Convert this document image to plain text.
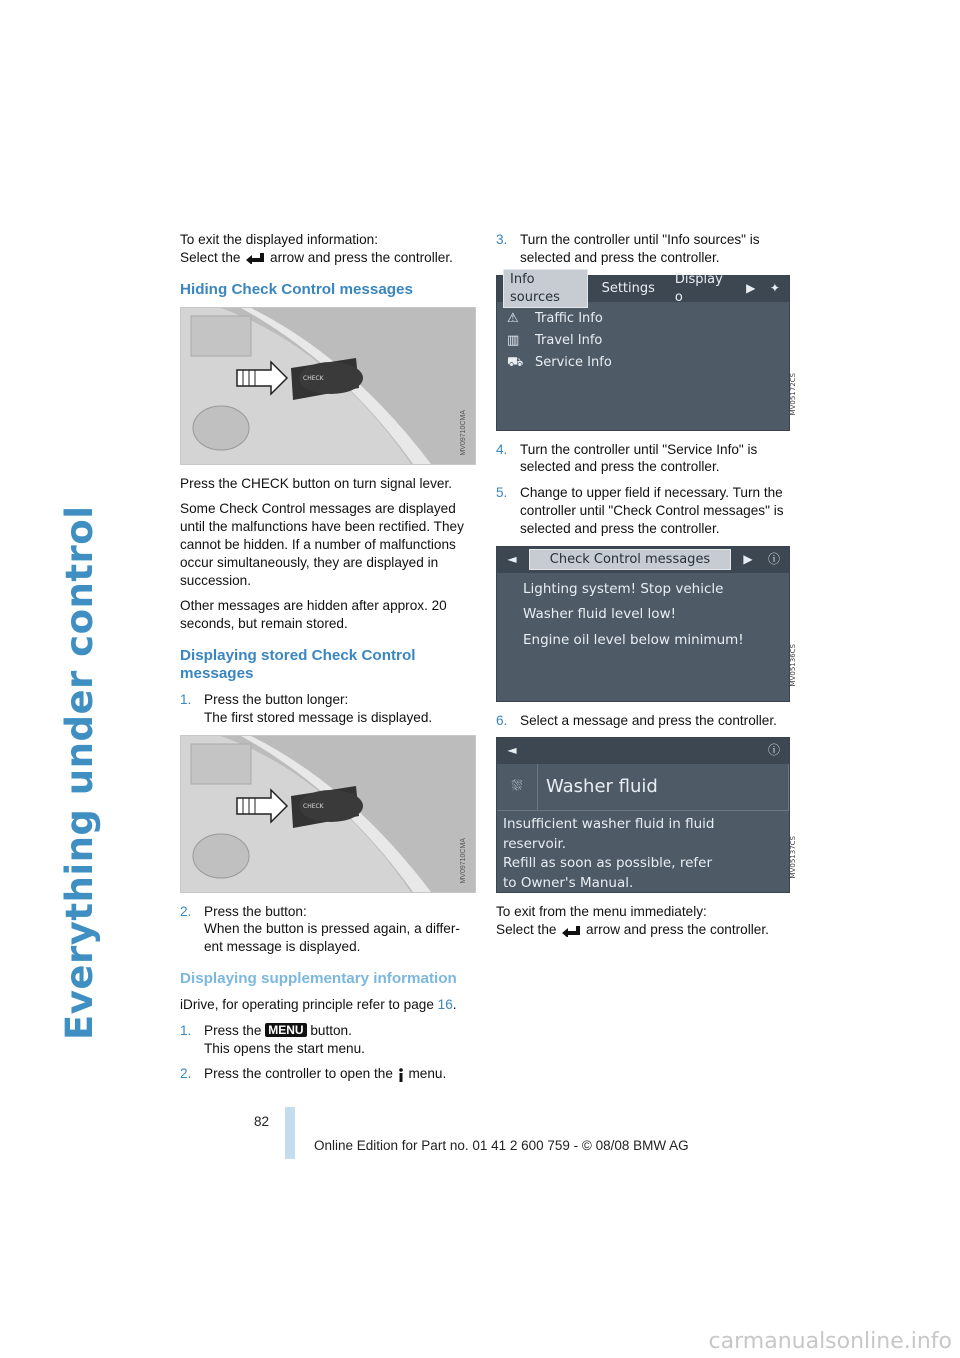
Everything under control

To exit the displayed information:
Select the arrow and press the controller.

Hiding Check Control messages
CHECK
MV09710CMA

Press the CHECK button on turn signal lever.

Some Check Control messages are displayed until the malfunctions have been rectified. They cannot be hidden. If a number of malfunctions occur simultaneously, they are displayed in succession.

Other messages are hidden after approx. 20 seconds, but remain stored.

Displaying stored Check Control messages
1. Press the button longer:
The first stored message is displayed.
CHECK
MV09710CMA
2. Press the button:
When the button is pressed again, a differ-ent message is displayed.
Displaying supplementary information

iDrive, for operating principle refer to page 16.

1. Press the MENU button.
This opens the start menu.
2. Press the controller to open the menu.
3. Turn the controller until "Info sources" is selected and press the controller.
Info sources
Settings
Display o
▶ ✦
⚠	Traffic Info
▥	Travel Info
⛟ Service Info
MV05172CS
4. Turn the controller until "Service Info" is selected and press the controller.
5. Change to upper field if necessary. Turn the controller until "Check Control messages" is selected and press the controller.
◄	Check Control messages	▶	ⓘ
Lighting system! Stop vehicle
Washer fluid level low!
Engine oil level below minimum!
MV05136CS
6. Select a message and press the controller.
◄	ⓘ
⛆	Washer fluid
Insufficient washer fluid in fluid
reservoir.
Refill as soon as possible, refer
to Owner's Manual.
MV05137CS

To exit from the menu immediately:
Select the arrow and press the controller.

82
Online Edition for Part no. 01 41 2 600 759 - © 08/08 BMW AG
carmanualsonline.info
